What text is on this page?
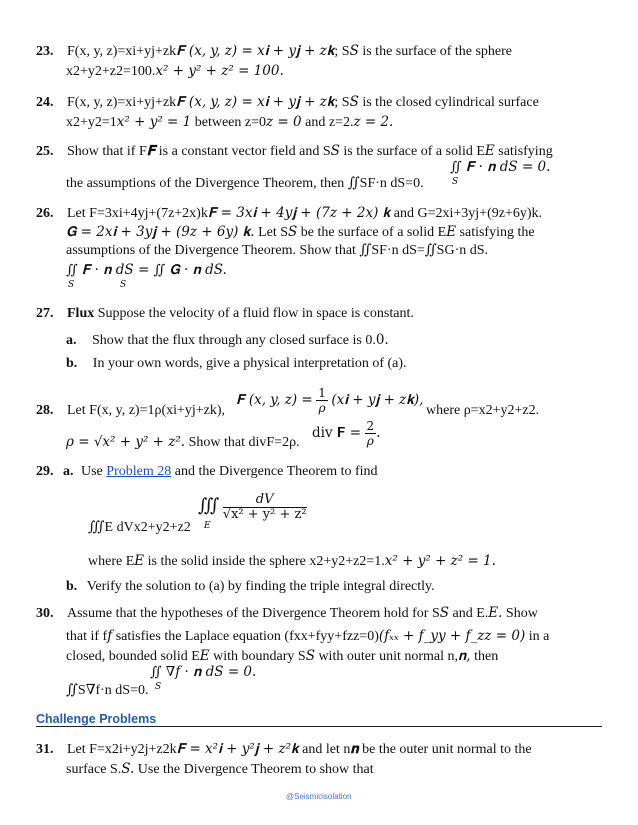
23. F(x, y, z)=xi+yj+zk𝐅 (x, y, z) = x𝐢 + y𝐣 + z𝐤; SS is the surface of the sphere
x2+y2+z2=100.x² + y² + z² = 100.
24. F(x, y, z)=xi+yj+zk𝐅 (x, y, z) = x𝐢 + y𝐣 + z𝐤; SS is the closed cylindrical surface
x2+y2=1x² + y² = 1 between z=0z = 0 and z=2.z = 2.
25. Show that if F𝐅 is a constant vector field and SS is the surface of a solid EE satisfying
∬ 𝐅 · 𝐧 dS = 0.
S
the assumptions of the Divergence Theorem, then ∬SF·n dS=0.
26. Let F=3xi+4yj+(7z+2x)k𝐅 = 3x𝐢 + 4y𝐣 + (7z + 2x) 𝐤 and G=2xi+3yj+(9z+6y)k.
𝐆 = 2x𝐢 + 3y𝐣 + (9z + 6y) 𝐤. Let SS be the surface of a solid EE satisfying the
assumptions of the Divergence Theorem. Show that ∬SF·n dS=∬SG·n dS.
∬ 𝐅 · 𝐧 dS = ∬ 𝐆 · 𝐧 dS.
S                S
27. Flux Suppose the velocity of a fluid flow in space is constant.
a. Show that the flux through any closed surface is 0.0.
b. In your own words, give a physical interpretation of (a).
𝐅 (x, y, $z) = \frac{1}{\rho}$ (x𝐢 + y𝐣 + z𝐤),
28. Let F(x, y, z)=1ρ(xi+yj+zk),	where ρ=x2+y2+z2.
ρ = √x² + y² + z². Show that divF=2ρ.
div 𝐅 = $\frac{2}{\rho}$ .
29. a. Use Problem 28 and the Divergence Theorem to find
∭ $\frac{dV}{\text{√x² + y² + z²}}$
E
∭E dVx2+y2+z2
where EE is the solid inside the sphere x2+y2+z2=1.x² + y² + z² = 1.
b. Verify the solution to (a) by finding the triple integral directly.
30. Assume that the hypotheses of the Divergence Theorem hold for SS and E.E. Show
that if ff satisfies the Laplace equation (fxx+fyy+fzz=0)(fₓₓ + f_yy + f_zz = 0) in a
closed, bounded solid EE with boundary SS with outer unit normal n,𝐧, then
∬ ∇f · 𝐧 dS = 0.
S
∬S∇f·n dS=0.
Challenge Problems
31. Let F=x2i+y2j+z2k𝐅 = x²𝐢 + y²𝐣 + z²𝐤 and let n𝐧 be the outer unit normal to the
surface S.S. Use the Divergence Theorem to show that
@Seismicisolation
